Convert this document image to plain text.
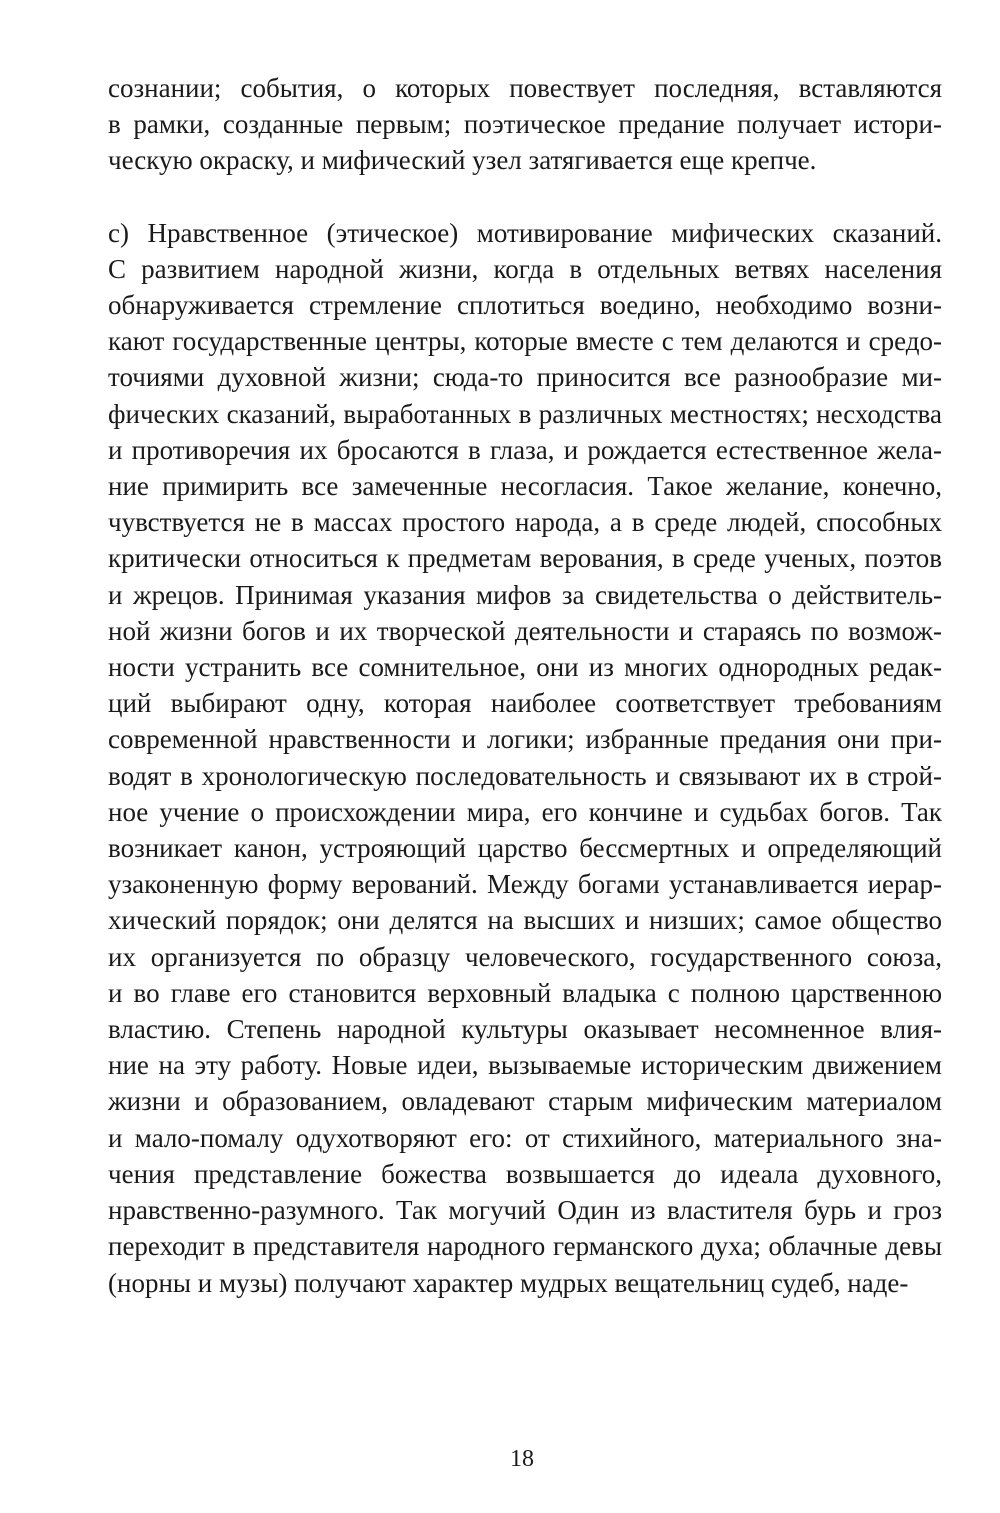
сознании; события, о которых повествует последняя, вставляются
в рамки, созданные первым; поэтическое предание получает истори-
ческую окраску, и мифический узел затягивается еще крепче.
c) Нравственное (этическое) мотивирование мифических сказаний.
С развитием народной жизни, когда в отдельных ветвях населения
обнаруживается стремление сплотиться воедино, необходимо возни-
кают государственные центры, которые вместе с тем делаются и средо-
точиями духовной жизни; сюда-то приносится все разнообразие ми-
фических сказаний, выработанных в различных местностях; несходства
и противоречия их бросаются в глаза, и рождается естественное жела-
ние примирить все замеченные несогласия. Такое желание, конечно,
чувствуется не в массах простого народа, а в среде людей, способных
критически относиться к предметам верования, в среде ученых, поэтов
и жрецов. Принимая указания мифов за свидетельства о действитель-
ной жизни богов и их творческой деятельности и стараясь по возмож-
ности устранить все сомнительное, они из многих однородных редак-
ций выбирают одну, которая наиболее соответствует требованиям
современной нравственности и логики; избранные предания они при-
водят в хронологическую последовательность и связывают их в строй-
ное учение о происхождении мира, его кончине и судьбах богов. Так
возникает канон, устрояющий царство бессмертных и определяющий
узаконенную форму верований. Между богами устанавливается иерар-
хический порядок; они делятся на высших и низших; самое общество
их организуется по образцу человеческого, государственного союза,
и во главе его становится верховный владыка с полною царственною
властию. Степень народной культуры оказывает несомненное влия-
ние на эту работу. Новые идеи, вызываемые историческим движением
жизни и образованием, овладевают старым мифическим материалом
и мало-помалу одухотворяют его: от стихийного, материального зна-
чения представление божества возвышается до идеала духовного,
нравственно-разумного. Так могучий Один из властителя бурь и гроз
переходит в представителя народного германского духа; облачные девы
(норны и музы) получают характер мудрых вещательниц судеб, наде-
18
